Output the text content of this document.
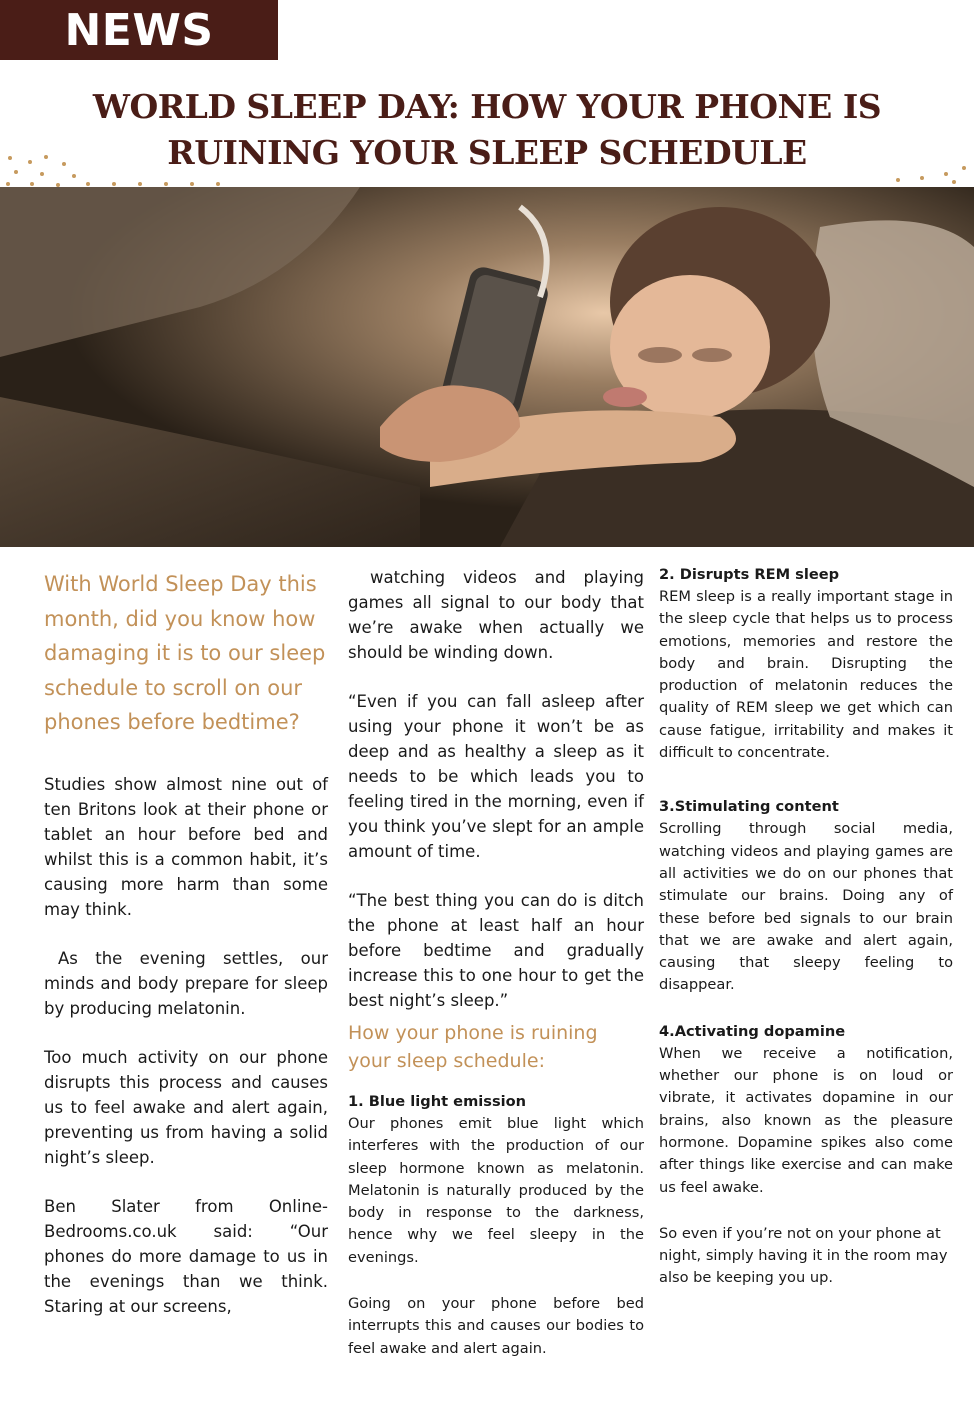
NEWS
WORLD SLEEP DAY: HOW YOUR PHONE IS
RUINING YOUR SLEEP SCHEDULE

With World Sleep Day this month, did you know how damaging it is to our sleep schedule to scroll on our phones before bedtime?

Studies show almost nine out of ten Britons look at their phone or tablet an hour before bed and whilst this is a common habit, it’s causing more harm than some may think.

As the evening settles, our minds and body prepare for sleep by producing melatonin.

Too much activity on our phone disrupts this process and causes us to feel awake and alert again, preventing us from having a solid night’s sleep.

Ben Slater from Online-Bedrooms.co.uk said: “Our phones do more damage to us in the evenings than we think. Staring at our screens,

watching videos and playing games all signal to our body that we’re awake when actually we should be winding down.

“Even if you can fall asleep after using your phone it won’t be as deep and as healthy a sleep as it needs to be which leads you to feeling tired in the morning, even if you think you’ve slept for an ample amount of time.

“The best thing you can do is ditch the phone at least half an hour before bedtime and gradually increase this to one hour to get the best night’s sleep.”

How your phone is ruining your sleep schedule:

1. Blue light emission

Our phones emit blue light which interferes with the production of our sleep hormone known as melatonin. Melatonin is naturally produced by the body in response to the darkness, hence why we feel sleepy in the evenings.

Going on your phone before bed interrupts this and causes our bodies to feel awake and alert again.

2. Disrupts REM sleep

REM sleep is a really important stage in the sleep cycle that helps us to process emotions, memories and restore the body and brain. Disrupting the production of melatonin reduces the quality of REM sleep we get which can cause fatigue, irritability and makes it difficult to concentrate.

3.Stimulating content

Scrolling through social media, watching videos and playing games are all activities we do on our phones that stimulate our brains. Doing any of these before bed signals to our brain that we are awake and alert again, causing that sleepy feeling to disappear.

4.Activating dopamine

When we receive a notification, whether our phone is on loud or vibrate, it activates dopamine in our brains, also known as the pleasure hormone. Dopamine spikes also come after things like exercise and can make us feel awake.

So even if you’re not on your phone at night, simply having it in the room may also be keeping you up.
